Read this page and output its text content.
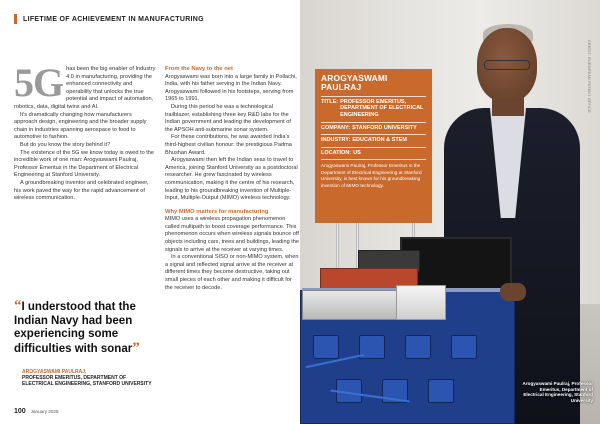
LIFETIME OF ACHIEVEMENT IN MANUFACTURING
5G has been the big enabler of Industry 4.0 in manufacturing, providing the enhanced connectivity and operability that unlocks the true potential and impact of automation, robotics, data, digital twins and AI.

It’s dramatically changing how manufacturers approach design, engineering and the broader supply chain in industries spanning aerospace to food to automotive to fashion.

But do you know the story behind it?

The existence of the 5G we know today is owed to the incredible work of one man: Arogyaswami Paulraj, Professor Emeritus in the Department of Electrical Engineering at Stanford University.

A groundbreaking inventor and celebrated engineer, his work paved the way for the rapid advancement of wireless communication.

“I understood that the Indian Navy had been experiencing some difficulties with sonar”
AROGYASWAMI PAULRAJ,
PROFESSOR EMERITUS, DEPARTMENT OF ELECTRICAL ENGINEERING, STANFORD UNIVERSITY
100 January 2025
From the Navy to the net

Arogyaswami was born into a large family in Pollachi, India, with his father serving in the Indian Navy. Arogyaswami followed in his footsteps, serving from 1965 to 1991.

During this period he was a technological trailblazer, establishing three key R&D labs for the Indian government and leading the development of the APSOH anti-submarine sonar system.

For these contributions, he was awarded India’s third-highest civilian honour: the prestigious Padma Bhushan Award.

Arogyaswami then left the Indian seas to travel to America, joining Stanford University as a postdoctoral researcher. He grew fascinated by wireless communication, making it the centre of his research, leading to his groundbreaking invention of Multiple-Input, Multiple-Output (MIMO) wireless technology.

Why MIMO matters for manufacturing

MIMO uses a wireless propagation phenomenon called multipath to boost coverage performance. This phenomenon occurs when wireless signals bounce off objects including cars, trees and buildings, leading the signals to arrive at the receiver at varying times.

In a conventional SISO or non-MIMO system, when a signal and reflected signal arrive at the receiver at different times they become destructive, taking out small pieces of each other and making it difficult for the receiver to decode.

CREDIT: EUROPEAN PATENT OFFICE
AROGYASWAMI
PAULRAJ
TITLE: PROFESSOR EMERITUS, DEPARTMENT OF ELECTRICAL ENGINEERING
COMPANY: STANFORD UNIVERSITY
INDUSTRY: EDUCATION & STEM
LOCATION: US
Arogyaswami Paulraj, Professor Emeritus in the Department of Electrical Engineering at Stanford University, is best known for his groundbreaking invention of MIMO technology.
Arogyaswami Paulraj, Professor Emeritus, Department of Electrical Engineering, Stanford University
